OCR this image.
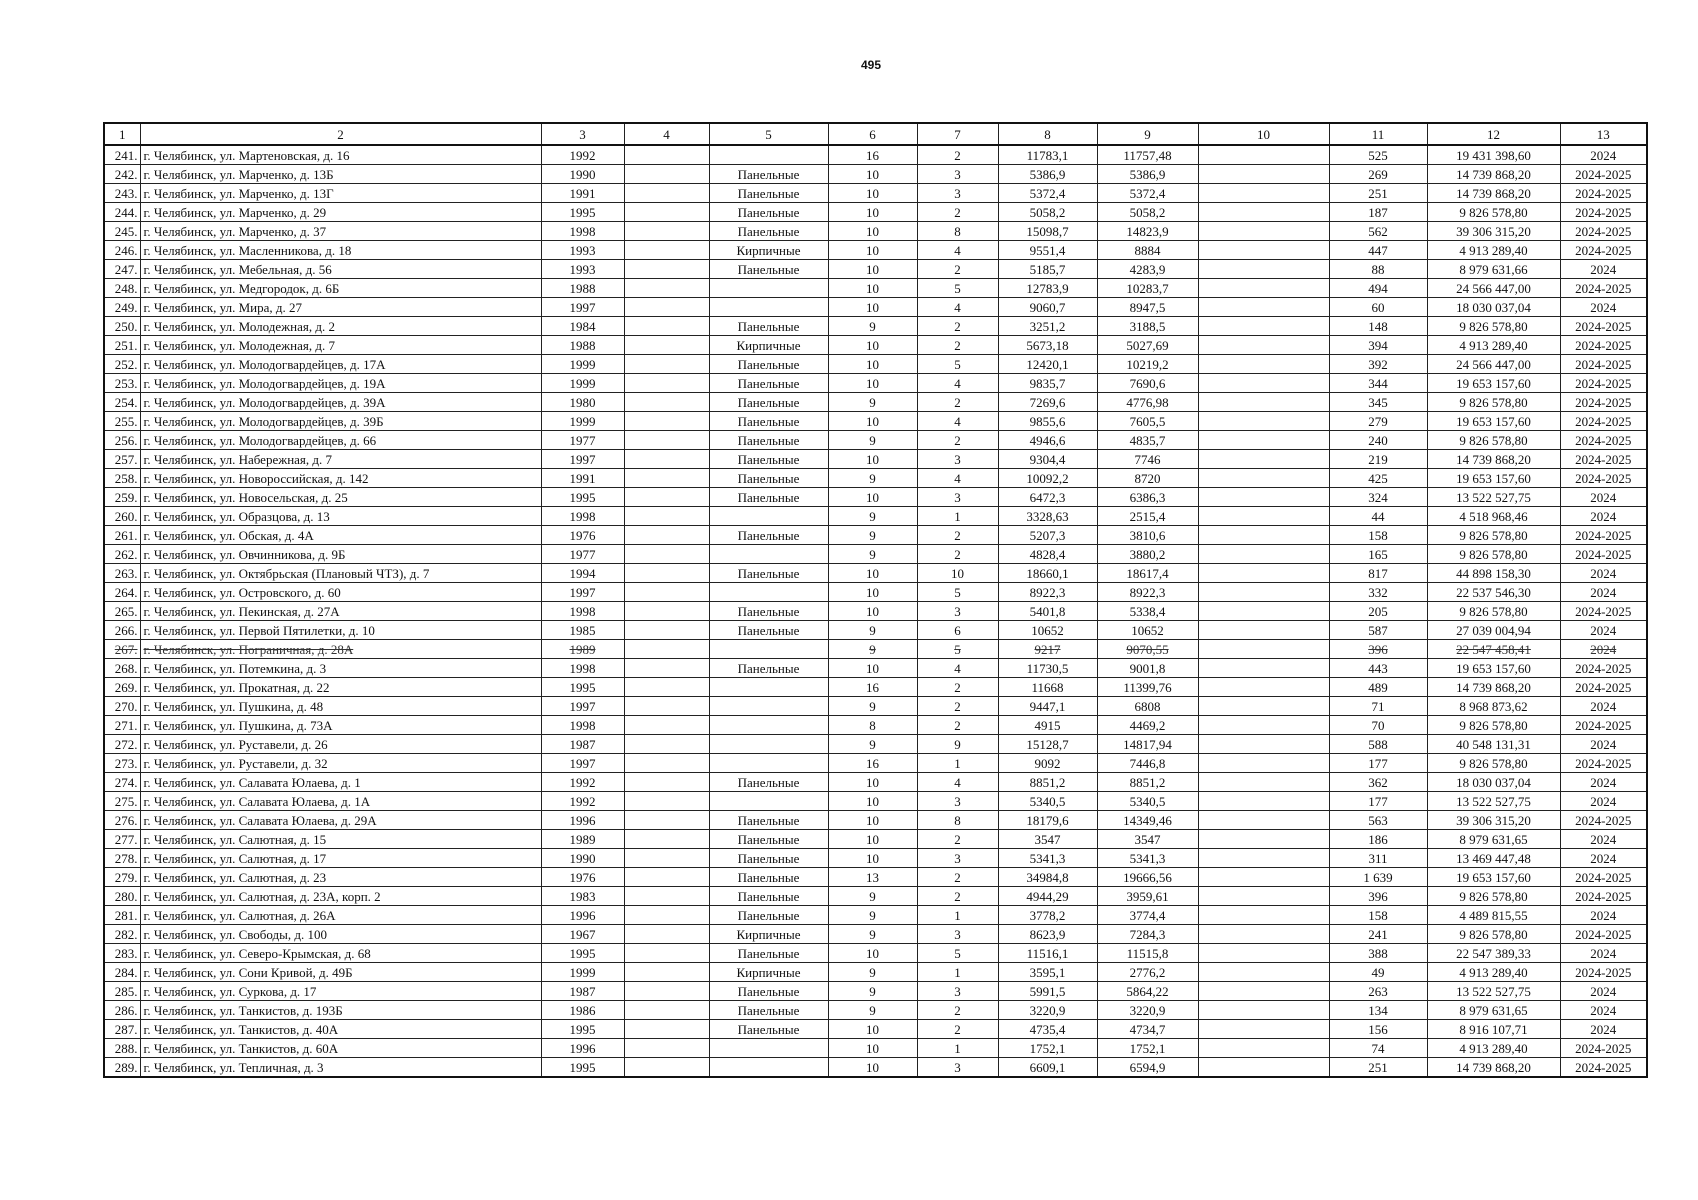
495
1	2	3	4	5	6	7	8	9	10	11	12	13
241.	г. Челябинск, ул. Мартеновская, д. 16	1992			16	2	11783,1	11757,48		525	19 431 398,60	2024
242.	г. Челябинск, ул. Марченко, д. 13Б	1990		Панельные	10	3	5386,9	5386,9		269	14 739 868,20	2024-2025
243.	г. Челябинск, ул. Марченко, д. 13Г	1991		Панельные	10	3	5372,4	5372,4		251	14 739 868,20	2024-2025
244.	г. Челябинск, ул. Марченко, д. 29	1995		Панельные	10	2	5058,2	5058,2		187	9 826 578,80	2024-2025
245.	г. Челябинск, ул. Марченко, д. 37	1998		Панельные	10	8	15098,7	14823,9		562	39 306 315,20	2024-2025
246.	г. Челябинск, ул. Масленникова, д. 18	1993		Кирпичные	10	4	9551,4	8884		447	4 913 289,40	2024-2025
247.	г. Челябинск, ул. Мебельная, д. 56	1993		Панельные	10	2	5185,7	4283,9		88	8 979 631,66	2024
248.	г. Челябинск, ул. Медгородок, д. 6Б	1988			10	5	12783,9	10283,7		494	24 566 447,00	2024-2025
249.	г. Челябинск, ул. Мира, д. 27	1997			10	4	9060,7	8947,5		60	18 030 037,04	2024
250.	г. Челябинск, ул. Молодежная, д. 2	1984		Панельные	9	2	3251,2	3188,5		148	9 826 578,80	2024-2025
251.	г. Челябинск, ул. Молодежная, д. 7	1988		Кирпичные	10	2	5673,18	5027,69		394	4 913 289,40	2024-2025
252.	г. Челябинск, ул. Молодогвардейцев, д. 17А	1999		Панельные	10	5	12420,1	10219,2		392	24 566 447,00	2024-2025
253.	г. Челябинск, ул. Молодогвардейцев, д. 19А	1999		Панельные	10	4	9835,7	7690,6		344	19 653 157,60	2024-2025
254.	г. Челябинск, ул. Молодогвардейцев, д. 39А	1980		Панельные	9	2	7269,6	4776,98		345	9 826 578,80	2024-2025
255.	г. Челябинск, ул. Молодогвардейцев, д. 39Б	1999		Панельные	10	4	9855,6	7605,5		279	19 653 157,60	2024-2025
256.	г. Челябинск, ул. Молодогвардейцев, д. 66	1977		Панельные	9	2	4946,6	4835,7		240	9 826 578,80	2024-2025
257.	г. Челябинск, ул. Набережная, д. 7	1997		Панельные	10	3	9304,4	7746		219	14 739 868,20	2024-2025
258.	г. Челябинск, ул. Новороссийская, д. 142	1991		Панельные	9	4	10092,2	8720		425	19 653 157,60	2024-2025
259.	г. Челябинск, ул. Новосельская, д. 25	1995		Панельные	10	3	6472,3	6386,3		324	13 522 527,75	2024
260.	г. Челябинск, ул. Образцова, д. 13	1998			9	1	3328,63	2515,4		44	4 518 968,46	2024
261.	г. Челябинск, ул. Обская, д. 4А	1976		Панельные	9	2	5207,3	3810,6		158	9 826 578,80	2024-2025
262.	г. Челябинск, ул. Овчинникова, д. 9Б	1977			9	2	4828,4	3880,2		165	9 826 578,80	2024-2025
263.	г. Челябинск, ул. Октябрьская (Плановый ЧТЗ), д. 7	1994		Панельные	10	10	18660,1	18617,4		817	44 898 158,30	2024
264.	г. Челябинск, ул. Островского, д. 60	1997			10	5	8922,3	8922,3		332	22 537 546,30	2024
265.	г. Челябинск, ул. Пекинская, д. 27А	1998		Панельные	10	3	5401,8	5338,4		205	9 826 578,80	2024-2025
266.	г. Челябинск, ул. Первой Пятилетки, д. 10	1985		Панельные	9	6	10652	10652		587	27 039 004,94	2024
267.	г. Челябинск, ул. Пограничная, д. 28А	1989			9	5	9217	9070,55		396	22 547 458,41	2024
268.	г. Челябинск, ул. Потемкина, д. 3	1998		Панельные	10	4	11730,5	9001,8		443	19 653 157,60	2024-2025
269.	г. Челябинск, ул. Прокатная, д. 22	1995			16	2	11668	11399,76		489	14 739 868,20	2024-2025
270.	г. Челябинск, ул. Пушкина, д. 48	1997			9	2	9447,1	6808		71	8 968 873,62	2024
271.	г. Челябинск, ул. Пушкина, д. 73А	1998			8	2	4915	4469,2		70	9 826 578,80	2024-2025
272.	г. Челябинск, ул. Руставели, д. 26	1987			9	9	15128,7	14817,94		588	40 548 131,31	2024
273.	г. Челябинск, ул. Руставели, д. 32	1997			16	1	9092	7446,8		177	9 826 578,80	2024-2025
274.	г. Челябинск, ул. Салавата Юлаева, д. 1	1992		Панельные	10	4	8851,2	8851,2		362	18 030 037,04	2024
275.	г. Челябинск, ул. Салавата Юлаева, д. 1А	1992			10	3	5340,5	5340,5		177	13 522 527,75	2024
276.	г. Челябинск, ул. Салавата Юлаева, д. 29А	1996		Панельные	10	8	18179,6	14349,46		563	39 306 315,20	2024-2025
277.	г. Челябинск, ул. Салютная, д. 15	1989		Панельные	10	2	3547	3547		186	8 979 631,65	2024
278.	г. Челябинск, ул. Салютная, д. 17	1990		Панельные	10	3	5341,3	5341,3		311	13 469 447,48	2024
279.	г. Челябинск, ул. Салютная, д. 23	1976		Панельные	13	2	34984,8	19666,56		1 639	19 653 157,60	2024-2025
280.	г. Челябинск, ул. Салютная, д. 23А, корп. 2	1983		Панельные	9	2	4944,29	3959,61		396	9 826 578,80	2024-2025
281.	г. Челябинск, ул. Салютная, д. 26А	1996		Панельные	9	1	3778,2	3774,4		158	4 489 815,55	2024
282.	г. Челябинск, ул. Свободы, д. 100	1967		Кирпичные	9	3	8623,9	7284,3		241	9 826 578,80	2024-2025
283.	г. Челябинск, ул. Северо-Крымская, д. 68	1995		Панельные	10	5	11516,1	11515,8		388	22 547 389,33	2024
284.	г. Челябинск, ул. Сони Кривой, д. 49Б	1999		Кирпичные	9	1	3595,1	2776,2		49	4 913 289,40	2024-2025
285.	г. Челябинск, ул. Суркова, д. 17	1987		Панельные	9	3	5991,5	5864,22		263	13 522 527,75	2024
286.	г. Челябинск, ул. Танкистов, д. 193Б	1986		Панельные	9	2	3220,9	3220,9		134	8 979 631,65	2024
287.	г. Челябинск, ул. Танкистов, д. 40А	1995		Панельные	10	2	4735,4	4734,7		156	8 916 107,71	2024
288.	г. Челябинск, ул. Танкистов, д. 60А	1996			10	1	1752,1	1752,1		74	4 913 289,40	2024-2025
289.	г. Челябинск, ул. Тепличная, д. 3	1995			10	3	6609,1	6594,9		251	14 739 868,20	2024-2025
